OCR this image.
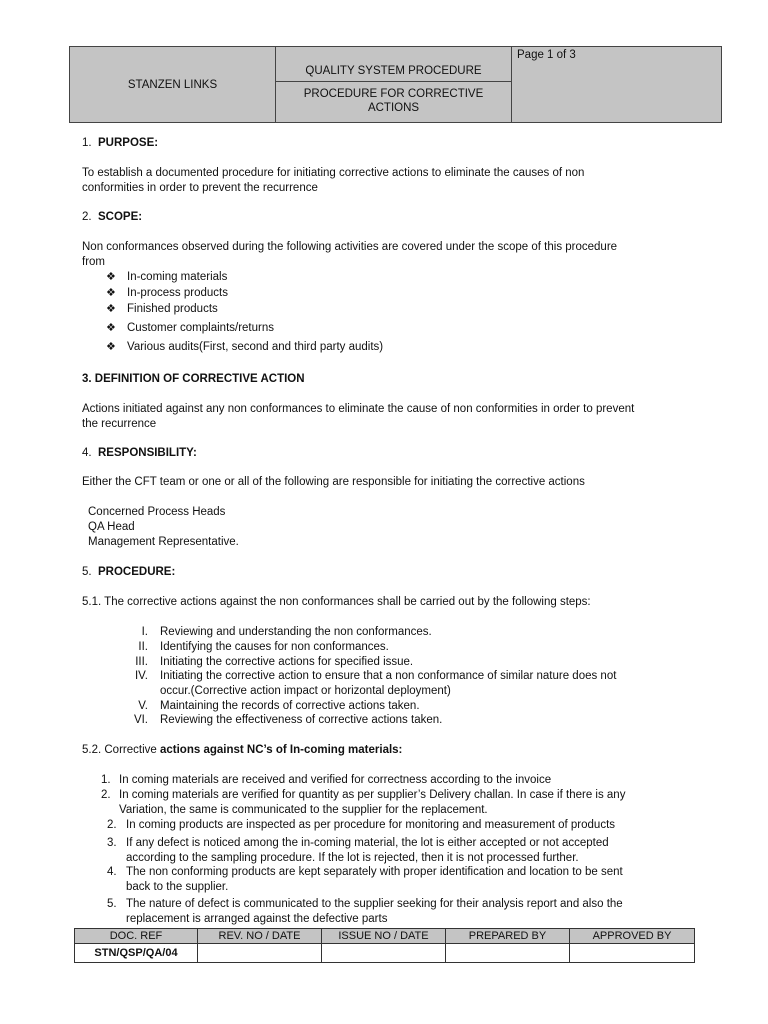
STANZEN LINKS
QUALITY SYSTEM PROCEDURE
PROCEDURE FOR CORRECTIVE
ACTIONS
Page 1 of 3
1. PURPOSE:
To establish a documented procedure for initiating corrective actions to eliminate the causes of non
conformities in order to prevent the recurrence
2. SCOPE:
Non conformances observed during the following activities are covered under the scope of this procedure
from
❖ In-coming materials
❖ In-process products
❖ Finished products
❖ Customer complaints/returns
❖ Various audits(First, second and third party audits)
3. DEFINITION OF CORRECTIVE ACTION
Actions initiated against any non conformances to eliminate the cause of non conformities in order to prevent
the recurrence
4. RESPONSIBILITY:
Either the CFT team or one or all of the following are responsible for initiating the corrective actions
Concerned Process Heads
QA Head
Management Representative.
5. PROCEDURE:
5.1. The corrective actions against the non conformances shall be carried out by the following steps:
I. Reviewing and understanding the non conformances.
II. Identifying the causes for non conformances.
III. Initiating the corrective actions for specified issue.
IV. Initiating the corrective action to ensure that a non conformance of similar nature does not
occur.(Corrective action impact or horizontal deployment)
V. Maintaining the records of corrective actions taken.
VI. Reviewing the effectiveness of corrective actions taken.
5.2. Corrective actions against NC’s of In-coming materials:
1. In coming materials are received and verified for correctness according to the invoice
2. In coming materials are verified for quantity as per supplier’s Delivery challan. In case if there is any
Variation, the same is communicated to the supplier for the replacement.
2. In coming products are inspected as per procedure for monitoring and measurement of products
3. If any defect is noticed among the in-coming material, the lot is either accepted or not accepted
according to the sampling procedure. If the lot is rejected, then it is not processed further.
4. The non conforming products are kept separately with proper identification and location to be sent
back to the supplier.
5. The nature of defect is communicated to the supplier seeking for their analysis report and also the
replacement is arranged against the defective parts
DOC. REF	REV. NO / DATE	ISSUE NO / DATE	PREPARED BY	APPROVED BY
STN/QSP/QA/04
